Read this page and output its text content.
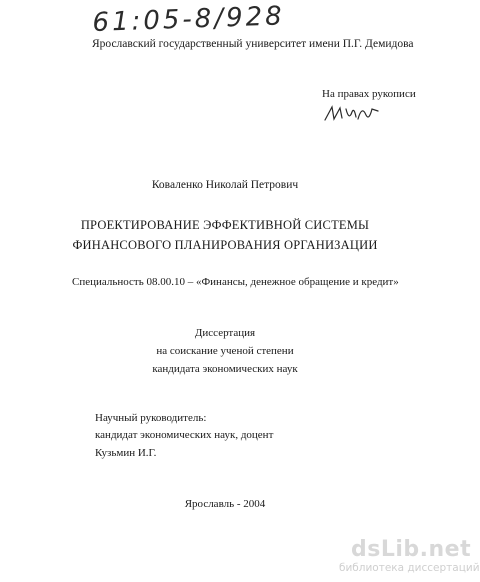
61:05-8/928
Ярославский государственный университет имени П.Г. Демидова
На правах рукописи
Коваленко Николай Петрович
ПРОЕКТИРОВАНИЕ ЭФФЕКТИВНОЙ СИСТЕМЫ
ФИНАНСОВОГО ПЛАНИРОВАНИЯ ОРГАНИЗАЦИИ
Специальность 08.00.10 – «Финансы, денежное обращение и кредит»
Диссертация
на соискание ученой степени
кандидата экономических наук
Научный руководитель:
кандидат экономических наук, доцент
Кузьмин И.Г.
Ярославль - 2004
dsLib.net
библиотека диссертаций
